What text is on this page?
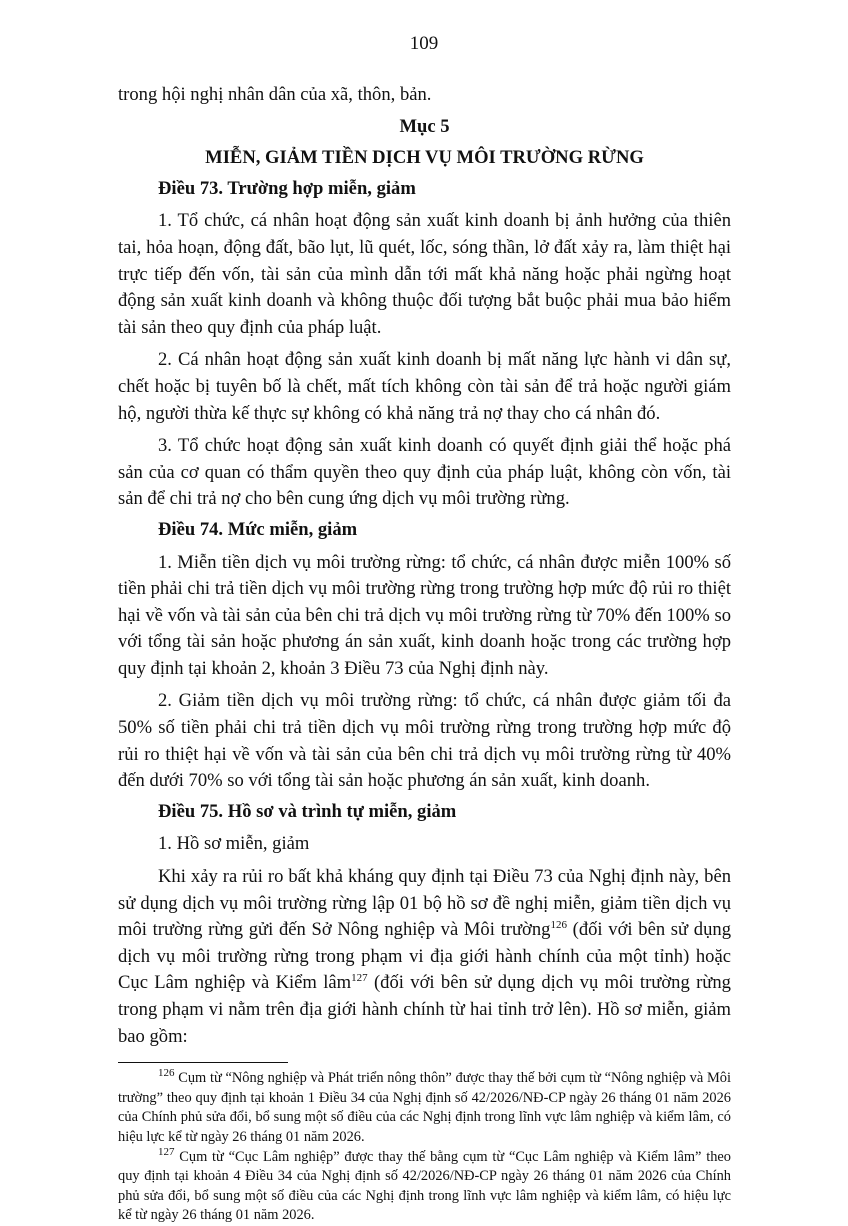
109

trong hội nghị nhân dân của xã, thôn, bản.

Mục 5

MIỄN, GIẢM TIỀN DỊCH VỤ MÔI TRƯỜNG RỪNG

Điều 73. Trường hợp miễn, giảm

1. Tổ chức, cá nhân hoạt động sản xuất kinh doanh bị ảnh hưởng của thiên tai, hỏa hoạn, động đất, bão lụt, lũ quét, lốc, sóng thần, lở đất xảy ra, làm thiệt hại trực tiếp đến vốn, tài sản của mình dẫn tới mất khả năng hoặc phải ngừng hoạt động sản xuất kinh doanh và không thuộc đối tượng bắt buộc phải mua bảo hiểm tài sản theo quy định của pháp luật.

2. Cá nhân hoạt động sản xuất kinh doanh bị mất năng lực hành vi dân sự, chết hoặc bị tuyên bố là chết, mất tích không còn tài sản để trả hoặc người giám hộ, người thừa kế thực sự không có khả năng trả nợ thay cho cá nhân đó.

3. Tổ chức hoạt động sản xuất kinh doanh có quyết định giải thể hoặc phá sản của cơ quan có thẩm quyền theo quy định của pháp luật, không còn vốn, tài sản để chi trả nợ cho bên cung ứng dịch vụ môi trường rừng.

Điều 74. Mức miễn, giảm

1. Miễn tiền dịch vụ môi trường rừng: tổ chức, cá nhân được miễn 100% số tiền phải chi trả tiền dịch vụ môi trường rừng trong trường hợp mức độ rủi ro thiệt hại về vốn và tài sản của bên chi trả dịch vụ môi trường rừng từ 70% đến 100% so với tổng tài sản hoặc phương án sản xuất, kinh doanh hoặc trong các trường hợp quy định tại khoản 2, khoản 3 Điều 73 của Nghị định này.

2. Giảm tiền dịch vụ môi trường rừng: tổ chức, cá nhân được giảm tối đa 50% số tiền phải chi trả tiền dịch vụ môi trường rừng trong trường hợp mức độ rủi ro thiệt hại về vốn và tài sản của bên chi trả dịch vụ môi trường rừng từ 40% đến dưới 70% so với tổng tài sản hoặc phương án sản xuất, kinh doanh.

Điều 75. Hồ sơ và trình tự miễn, giảm

1. Hồ sơ miễn, giảm

Khi xảy ra rủi ro bất khả kháng quy định tại Điều 73 của Nghị định này, bên sử dụng dịch vụ môi trường rừng lập 01 bộ hồ sơ đề nghị miễn, giảm tiền dịch vụ môi trường rừng gửi đến Sở Nông nghiệp và Môi trường$^{126}$ (đối với bên sử dụng dịch vụ môi trường rừng trong phạm vi địa giới hành chính của một tỉnh) hoặc Cục Lâm nghiệp và Kiểm lâm$^{127}$ (đối với bên sử dụng dịch vụ môi trường rừng trong phạm vi nằm trên địa giới hành chính từ hai tỉnh trở lên). Hồ sơ miễn, giảm bao gồm:

$^{126}$ Cụm từ “Nông nghiệp và Phát triển nông thôn” được thay thế bởi cụm từ “Nông nghiệp và Môi trường” theo quy định tại khoản 1 Điều 34 của Nghị định số 42/2026/NĐ-CP ngày 26 tháng 01 năm 2026 của Chính phủ sửa đổi, bổ sung một số điều của các Nghị định trong lĩnh vực lâm nghiệp và kiểm lâm, có hiệu lực kể từ ngày 26 tháng 01 năm 2026.

$^{127}$ Cụm từ “Cục Lâm nghiệp” được thay thế bằng cụm từ “Cục Lâm nghiệp và Kiểm lâm” theo quy định tại khoản 4 Điều 34 của Nghị định số 42/2026/NĐ-CP ngày 26 tháng 01 năm 2026 của Chính phủ sửa đổi, bổ sung một số điều của các Nghị định trong lĩnh vực lâm nghiệp và kiểm lâm, có hiệu lực kể từ ngày 26 tháng 01 năm 2026.
